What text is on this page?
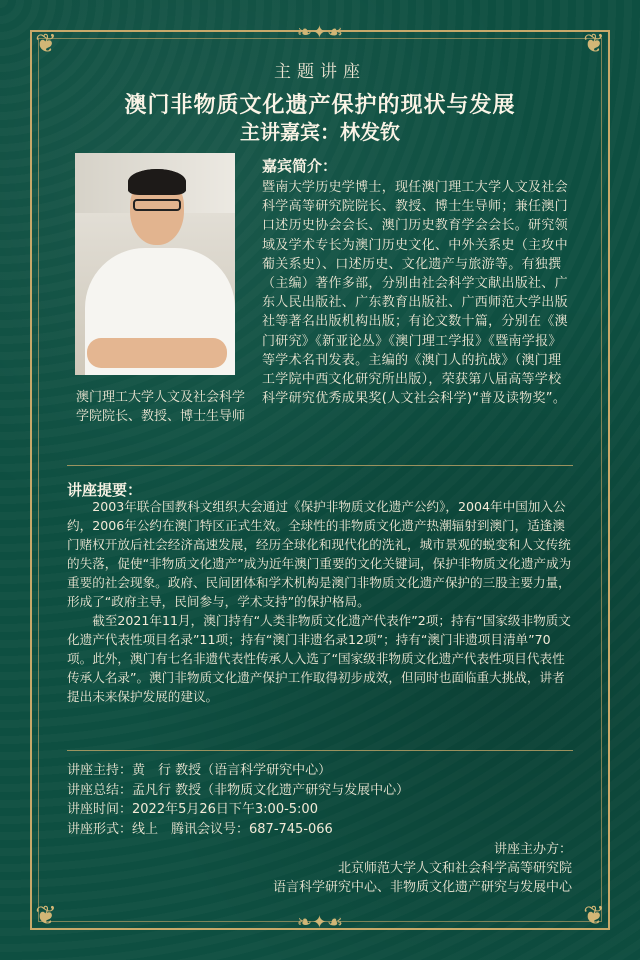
❦	❦
❦	❦
❧✦☙
❧✦☙
主题讲座
澳门非物质文化遗产保护的现状与发展
主讲嘉宾：林发钦
澳门理工大学人文及社会科学学院院长、教授、博士生导师
嘉宾简介：
暨南大学历史学博士，现任澳门理工大学人文及社会科学高等研究院院长、教授、博士生导师；兼任澳门口述历史协会会长、澳门历史教育学会会长。研究领域及学术专长为澳门历史文化、中外关系史（主攻中葡关系史）、口述历史、文化遗产与旅游等。有独撰（主编）著作多部，分别由社会科学文献出版社、广东人民出版社、广东教育出版社、广西师范大学出版社等著名出版机构出版；有论文数十篇，分别在《澳门研究》《新亚论丛》《澳门理工学报》《暨南学报》等学术名刊发表。主编的《澳门人的抗战》（澳门理工学院中西文化研究所出版），荣获第八届高等学校科学研究优秀成果奖(人文社会科学)“普及读物奖”。
讲座提要：

2003年联合国教科文组织大会通过《保护非物质文化遗产公约》，2004年中国加入公约，2006年公约在澳门特区正式生效。全球性的非物质文化遗产热潮辐射到澳门，适逢澳门赌权开放后社会经济高速发展，经历全球化和现代化的洗礼，城市景观的蜕变和人文传统的失落，促使“非物质文化遗产”成为近年澳门重要的文化关键词，保护非物质文化遗产成为重要的社会现象。政府、民间团体和学术机构是澳门非物质文化遗产保护的三股主要力量，形成了“政府主导，民间参与，学术支持”的保护格局。

截至2021年11月，澳门持有“人类非物质文化遗产代表作”2项；持有“国家级非物质文化遗产代表性项目名录”11项；持有“澳门非遗名录12项”；持有“澳门非遗项目清单”70项。此外，澳门有七名非遗代表性传承人入选了“国家级非物质文化遗产代表性项目代表性传承人名录”。澳门非物质文化遗产保护工作取得初步成效，但同时也面临重大挑战，讲者提出未来保护发展的建议。

讲座主持：黄　行 教授（语言科学研究中心）
讲座总结：孟凡行 教授（非物质文化遗产研究与发展中心）
讲座时间：2022年5月26日下午3:00-5:00
讲座形式：线上　腾讯会议号：687-745-066
讲座主办方：
北京师范大学人文和社会科学高等研究院
语言科学研究中心、非物质文化遗产研究与发展中心
